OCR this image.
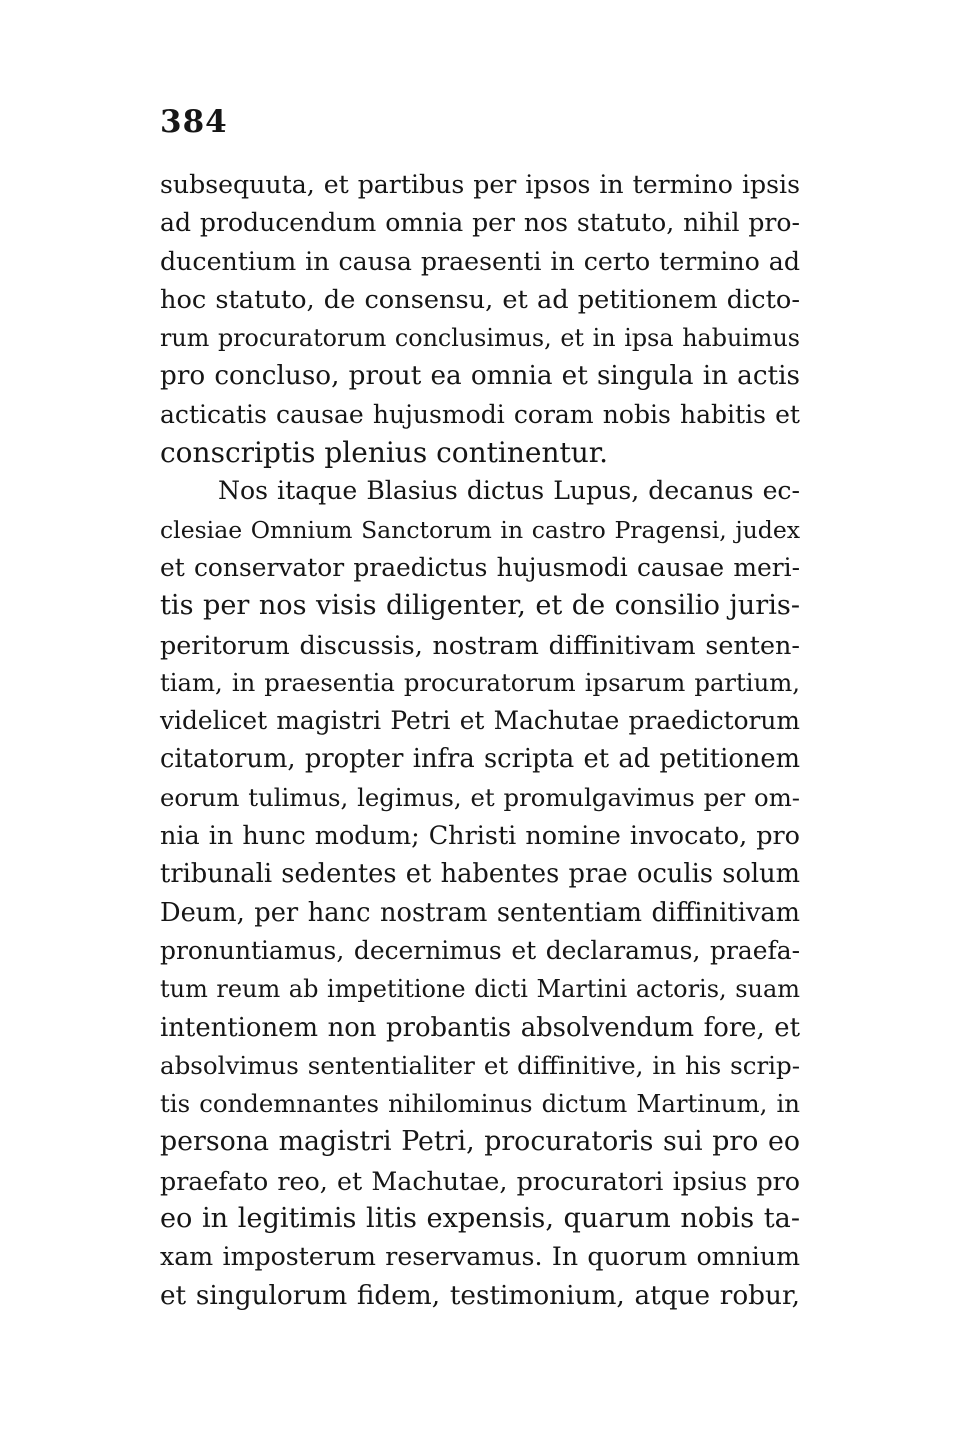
384

subsequuta, et partibus per ipsos in termino ipsis
ad producendum omnia per nos statuto, nihil pro-
ducentium in causa praesenti in certo termino ad
hoc statuto, de consensu, et ad petitionem dicto-
rum procuratorum conclusimus, et in ipsa habuimus
pro concluso, prout ea omnia et singula in actis
acticatis causae hujusmodi coram nobis habitis et
conscriptis plenius continentur.
Nos itaque Blasius dictus Lupus, decanus ec-
clesiae Omnium Sanctorum in castro Pragensi, judex
et conservator praedictus hujusmodi causae meri-
tis per nos visis diligenter, et de consilio juris-
peritorum discussis, nostram diffinitivam senten-
tiam, in praesentia procuratorum ipsarum partium,
videlicet magistri Petri et Machutae praedictorum
citatorum, propter infra scripta et ad petitionem
eorum tulimus, legimus, et promulgavimus per om-
nia in hunc modum; Christi nomine invocato, pro
tribunali sedentes et habentes prae oculis solum
Deum, per hanc nostram sententiam diffinitivam
pronuntiamus, decernimus et declaramus, praefa-
tum reum ab impetitione dicti Martini actoris, suam
intentionem non probantis absolvendum fore, et
absolvimus sententialiter et diffinitive, in his scrip-
tis condemnantes nihilominus dictum Martinum, in
persona magistri Petri, procuratoris sui pro eo
praefato reo, et Machutae, procuratori ipsius pro
eo in legitimis litis expensis, quarum nobis ta-
xam imposterum reservamus. In quorum omnium
et singulorum fidem, testimonium, atque robur,
